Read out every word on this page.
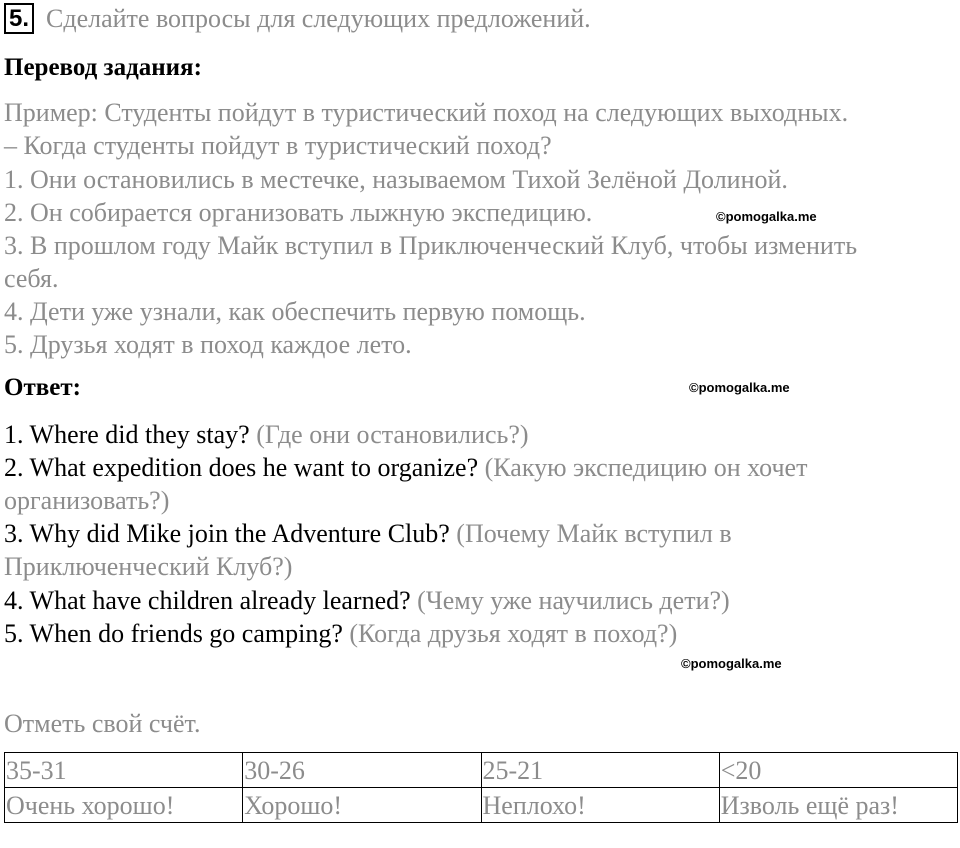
5. Сделайте вопросы для следующих предложений.
Перевод задания:
Пример: Студенты пойдут в туристический поход на следующих выходных.
– Когда студенты пойдут в туристический поход?
1. Они остановились в местечке, называемом Тихой Зелёной Долиной.
2. Он собирается организовать лыжную экспедицию.	©pomogalka.me
3. В прошлом году Майк вступил в Приключенческий Клуб, чтобы изменить
себя.
4. Дети уже узнали, как обеспечить первую помощь.
5. Друзья ходят в поход каждое лето.
Ответ:	©pomogalka.me
1. Where did they stay? (Где они остановились?)
2. What expedition does he want to organize? (Какую экспедицию он хочет
организовать?)
3. Why did Mike join the Adventure Club? (Почему Майк вступил в
Приключенческий Клуб?)
4. What have children already learned? (Чему уже научились дети?)
5. When do friends go camping? (Когда друзья ходят в поход?)
©pomogalka.me
Отметь свой счёт.
35-31	30-26	25-21	<20
Очень хорошо!	Хорошо!	Неплохо!	Изволь ещё раз!
